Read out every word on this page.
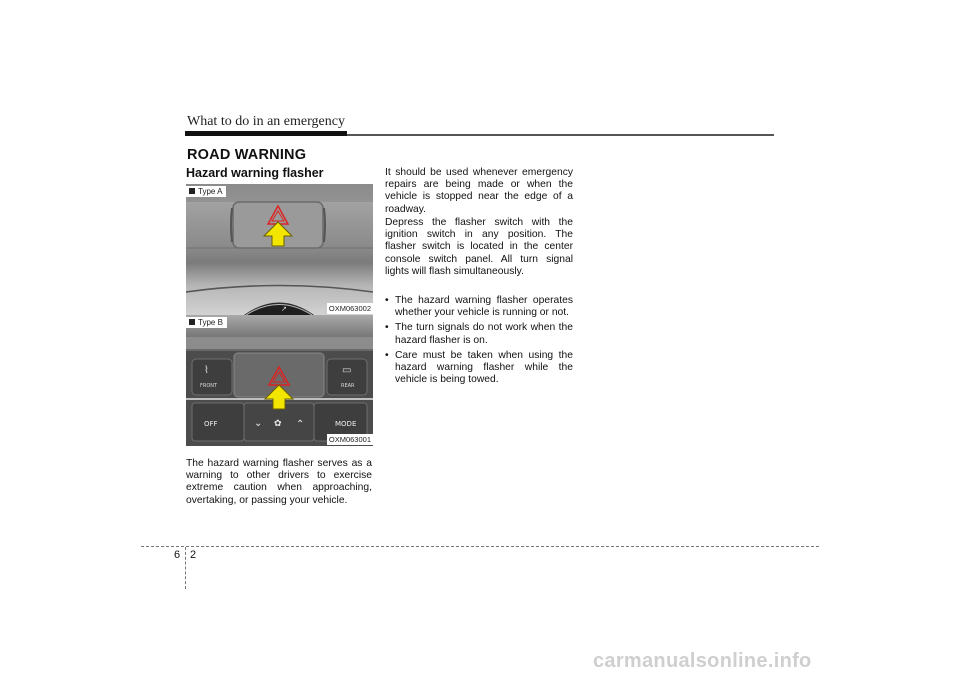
What to do in an emergency
ROAD WARNING
Hazard warning flasher
↗
Type A
OXM063002
⌇
FRONT
▭
REAR
OFF	MODE
⌄ ✿ ⌃
Type B
OXM063001
The hazard warning flasher serves as a warning to other drivers to exercise extreme caution when approaching, overtaking, or passing your vehicle.
It should be used whenever emergency repairs are being made or when the vehicle is stopped near the edge of a roadway.
Depress the flasher switch with the ignition switch in any position. The flasher switch is located in the center console switch panel. All turn signal lights will flash simultaneously.
• The hazard warning flasher operates whether your vehicle is running or not.
• The turn signals do not work when the hazard flasher is on.
• Care must be taken when using the hazard warning flasher while the vehicle is being towed.
6 2
carmanualsonline.info
